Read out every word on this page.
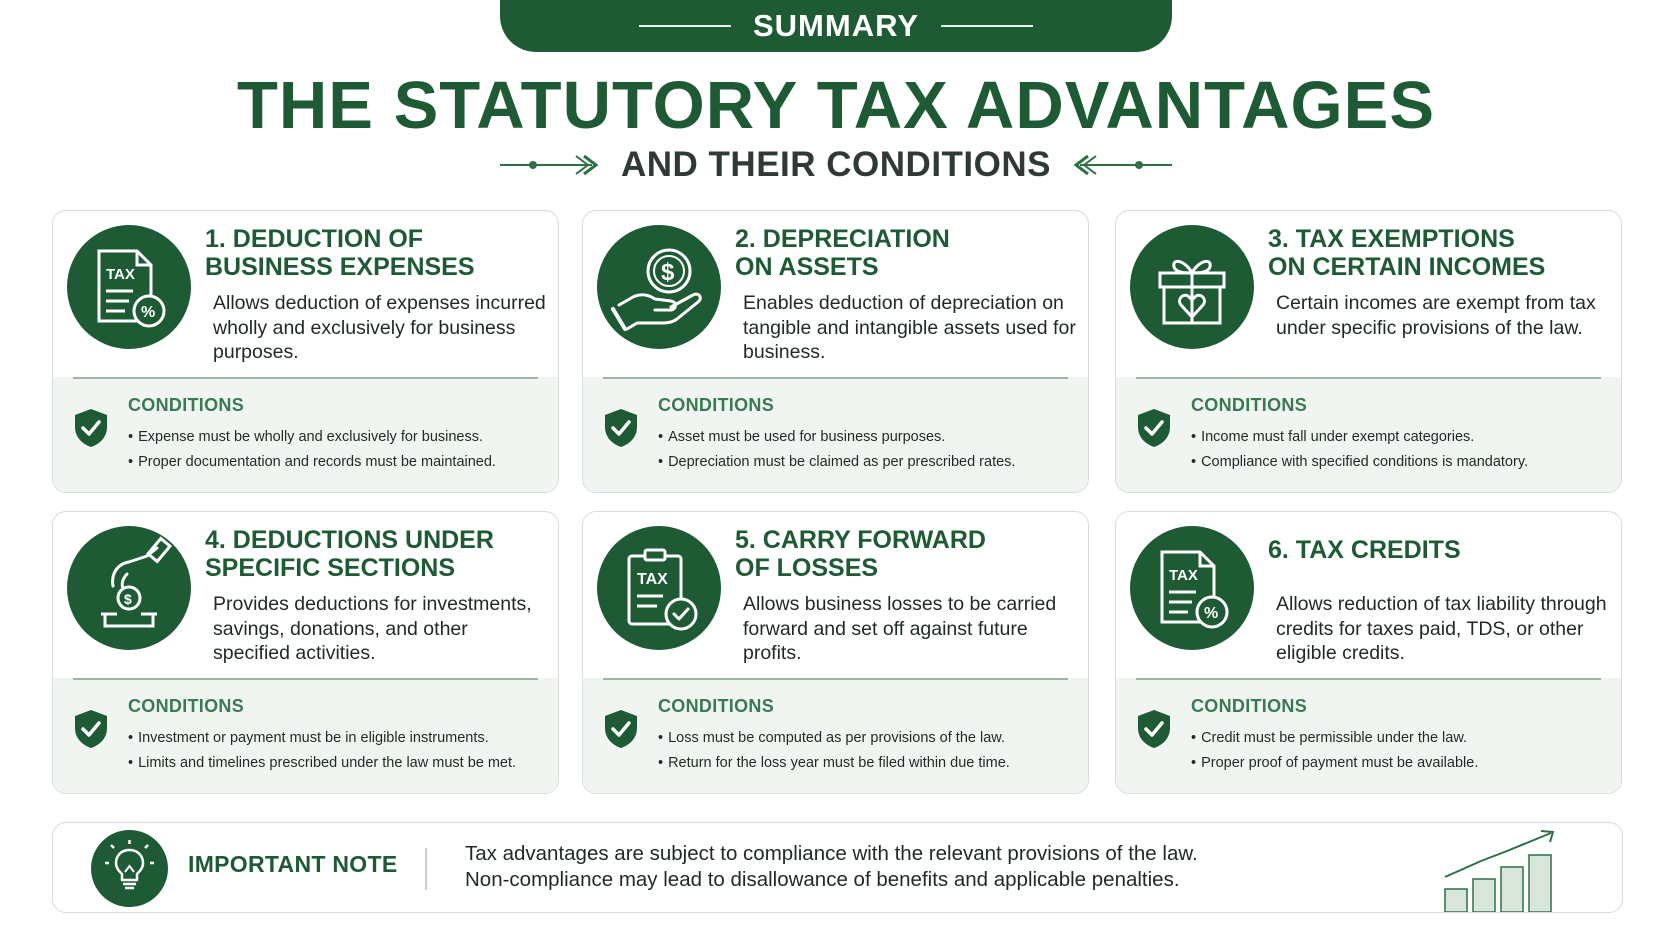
SUMMARY
THE STATUTORY TAX ADVANTAGES
AND THEIR CONDITIONS
TAX
%
1. DEDUCTION OF
BUSINESS EXPENSES
Allows deduction of expenses incurred wholly and exclusively for business purposes.
CONDITIONS
• Expense must be wholly and exclusively for business.
• Proper documentation and records must be maintained.
$
2. DEPRECIATION
ON ASSETS
Enables deduction of depreciation on tangible and intangible assets used for business.
CONDITIONS
• Asset must be used for business purposes.
• Depreciation must be claimed as per prescribed rates.
3. TAX EXEMPTIONS
ON CERTAIN INCOMES
Certain incomes are exempt from tax under specific provisions of the law.
CONDITIONS
• Income must fall under exempt categories.
• Compliance with specified conditions is mandatory.
$
4. DEDUCTIONS UNDER
SPECIFIC SECTIONS
Provides deductions for investments, savings, donations, and other specified activities.
CONDITIONS
• Investment or payment must be in eligible instruments.
• Limits and timelines prescribed under the law must be met.
TAX
5. CARRY FORWARD
OF LOSSES
Allows business losses to be carried forward and set off against future profits.
CONDITIONS
• Loss must be computed as per provisions of the law.
• Return for the loss year must be filed within due time.
TAX
%
6. TAX CREDITS
Allows reduction of tax liability through credits for taxes paid, TDS, or other eligible credits.
CONDITIONS
• Credit must be permissible under the law.
• Proper proof of payment must be available.
IMPORTANT NOTE	Tax advantages are subject to compliance with the relevant provisions of the law.
Non-compliance may lead to disallowance of benefits and applicable penalties.
